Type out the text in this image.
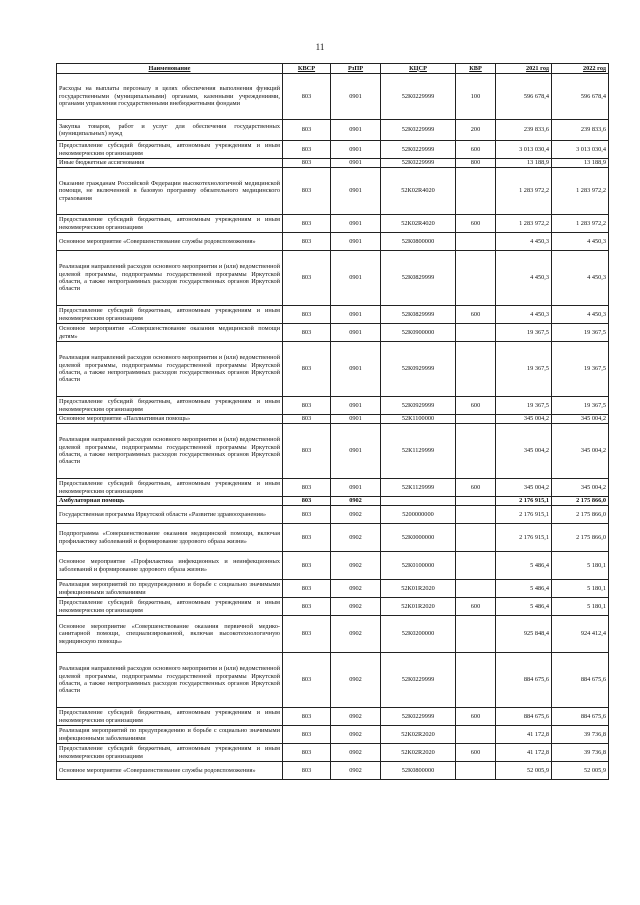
11
Наименование	КВСР	РзПР	КЦСР	КВР	2021 год	2022 год
Расходы на выплаты персоналу в целях обеспечения выполнения функций государственными (муниципальными) органами, казенными учреждениями, органами управления государственными внебюджетными фондами	803	0901	52К0229999	100	596 678,4	596 678,4
Закупка товаров, работ и услуг для обеспечения государственных (муниципальных) нужд	803	0901	52К0229999	200	239 833,6	239 833,6
Предоставление субсидий бюджетным, автономным учреждениям и иным некоммерческим организациям	803	0901	52К0229999	600	3 013 030,4	3 013 030,4
Иные бюджетные ассигнования	803	0901	52К0229999	800	13 188,9	13 188,9
Оказание гражданам Российской Федерации высокотехнологичной медицинской помощи, не включенной в базовую программу обязательного медицинского страхования	803	0901	52К02R4020		1 283 972,2	1 283 972,2
Предоставление субсидий бюджетным, автономным учреждениям и иным некоммерческим организациям	803	0901	52К02R4020	600	1 283 972,2	1 283 972,2
Основное мероприятие «Совершенствование службы родовспоможения»	803	0901	52К0800000		4 450,3	4 450,3
Реализация направлений расходов основного мероприятия и (или) ведомственной целевой программы, подпрограммы государственной программы Иркутской области, а также непрограммных расходов государственных органов Иркутской области	803	0901	52К0829999		4 450,3	4 450,3
Предоставление субсидий бюджетным, автономным учреждениям и иным некоммерческим организациям	803	0901	52К0829999	600	4 450,3	4 450,3
Основное мероприятие «Совершенствование оказания медицинской помощи детям»	803	0901	52К0900000		19 367,5	19 367,5
Реализация направлений расходов основного мероприятия и (или) ведомственной целевой программы, подпрограммы государственной программы Иркутской области, а также непрограммных расходов государственных органов Иркутской области	803	0901	52К0929999		19 367,5	19 367,5
Предоставление субсидий бюджетным, автономным учреждениям и иным некоммерческим организациям	803	0901	52К0929999	600	19 367,5	19 367,5
Основное мероприятие «Паллиативная помощь»	803	0901	52К1100000		345 004,2	345 004,2
Реализация направлений расходов основного мероприятия и (или) ведомственной целевой программы, подпрограммы государственной программы Иркутской области, а также непрограммных расходов государственных органов Иркутской области	803	0901	52К1129999		345 004,2	345 004,2
Предоставление субсидий бюджетным, автономным учреждениям и иным некоммерческим организациям	803	0901	52К1129999	600	345 004,2	345 004,2
Амбулаторная помощь	803	0902			2 176 915,1	2 175 866,0
Государственная программа Иркутской области «Развитие здравоохранения»	803	0902	5200000000		2 176 915,1	2 175 866,0
Подпрограмма «Совершенствование оказания медицинской помощи, включая профилактику заболеваний и формирование здорового образа жизни»	803	0902	52К0000000		2 176 915,1	2 175 866,0
Основное мероприятие «Профилактика инфекционных и неинфекционных заболеваний и формирование здорового образа жизни»	803	0902	52К0100000		5 486,4	5 180,1
Реализация мероприятий по предупреждению и борьбе с социально значимыми инфекционными заболеваниями	803	0902	52К01R2020		5 486,4	5 180,1
Предоставление субсидий бюджетным, автономным учреждениям и иным некоммерческим организациям	803	0902	52К01R2020	600	5 486,4	5 180,1
Основное мероприятие «Совершенствование оказания первичной медико-санитарной помощи, специализированной, включая высокотехнологичную медицинскую помощь»	803	0902	52К0200000		925 848,4	924 412,4
Реализация направлений расходов основного мероприятия и (или) ведомственной целевой программы, подпрограммы государственной программы Иркутской области, а также непрограммных расходов государственных органов Иркутской области	803	0902	52К0229999		884 675,6	884 675,6
Предоставление субсидий бюджетным, автономным учреждениям и иным некоммерческим организациям	803	0902	52К0229999	600	884 675,6	884 675,6
Реализация мероприятий по предупреждению и борьбе с социально значимыми инфекционными заболеваниями	803	0902	52К02R2020		41 172,8	39 736,8
Предоставление субсидий бюджетным, автономным учреждениям и иным некоммерческим организациям	803	0902	52К02R2020	600	41 172,8	39 736,8
Основное мероприятие «Совершенствование службы родовспоможения»	803	0902	52К0800000		52 005,9	52 005,9
